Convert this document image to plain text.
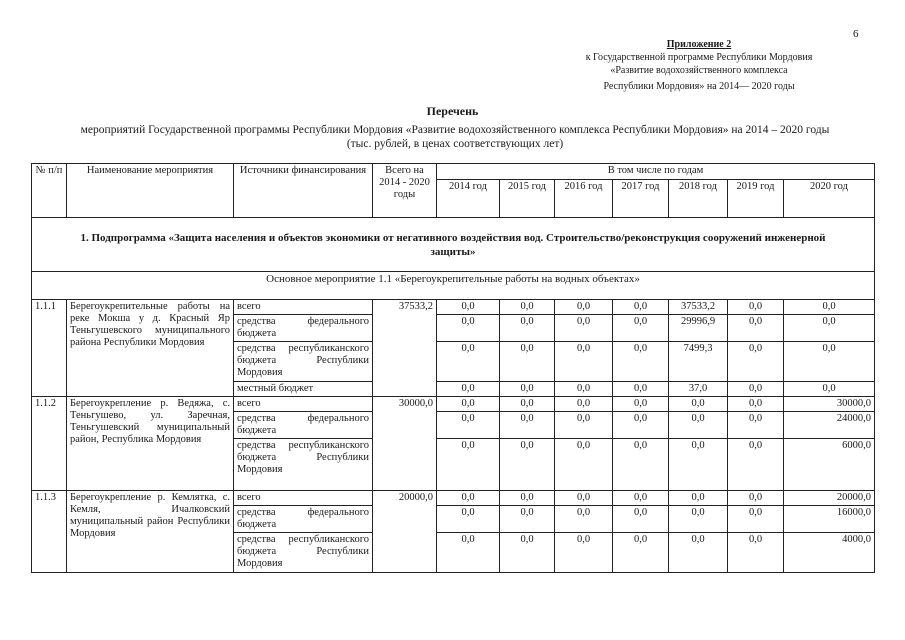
6
Приложение 2
к Государственной программе Республики Мордовия
«Развитие водохозяйственного комплекса
Республики Мордовия» на 2014— 2020 годы
Перечень
мероприятий Государственной программы Республики Мордовия «Развитие водохозяйственного комплекса Республики Мордовия» на 2014 – 2020 годы
(тыс. рублей, в ценах соответствующих лет)
№ п/п	Наименование мероприятия	Источники финансирования	Всего на 2014 - 2020 годы	В том числе по годам						
				2014 год	2015 год	2016 год	2017 год	2018 год	2019 год	2020 год
1. Подпрограмма «Защита населения и объектов экономики от негативного воздействия вод. Строительство/реконструкция сооружений инженерной защиты»										
Основное мероприятие 1.1 «Берегоукрепительные работы на водных объектах»										
1.1.1	Берегоукрепительные работы на реке Мокша у д. Красный Яр Теньгушевского муниципального района Республики Мордовия	всего	37533,2	0,0	0,0	0,0	0,0	37533,2	0,0	0,0
		средства федерального бюджета		0,0	0,0	0,0	0,0	29996,9	0,0	0,0
		средства республиканского бюджета Республики Мордовия		0,0	0,0	0,0	0,0	7499,3	0,0	0,0
		местный бюджет		0,0	0,0	0,0	0,0	37,0	0,0	0,0
1.1.2	Берегоукрепление р. Ведяжа, с. Теньгушево, ул. Заречная, Теньгушевский муниципальный район, Республика Мордовия	всего	30000,0	0,0	0,0	0,0	0,0	0,0	0,0	30000,0
		средства федерального бюджета		0,0	0,0	0,0	0,0	0,0	0,0	24000,0
		средства республиканского бюджета Республики Мордовия		0,0	0,0	0,0	0,0	0,0	0,0	6000,0
1.1.3	Берегоукрепление р. Кемлятка, с. Кемля, Ичалковский муниципальный район Республики Мордовия	всего	20000,0	0,0	0,0	0,0	0,0	0,0	0,0	20000,0
		средства федерального бюджета		0,0	0,0	0,0	0,0	0,0	0,0	16000,0
		средства республиканского бюджета Республики Мордовия		0,0	0,0	0,0	0,0	0,0	0,0	4000,0
